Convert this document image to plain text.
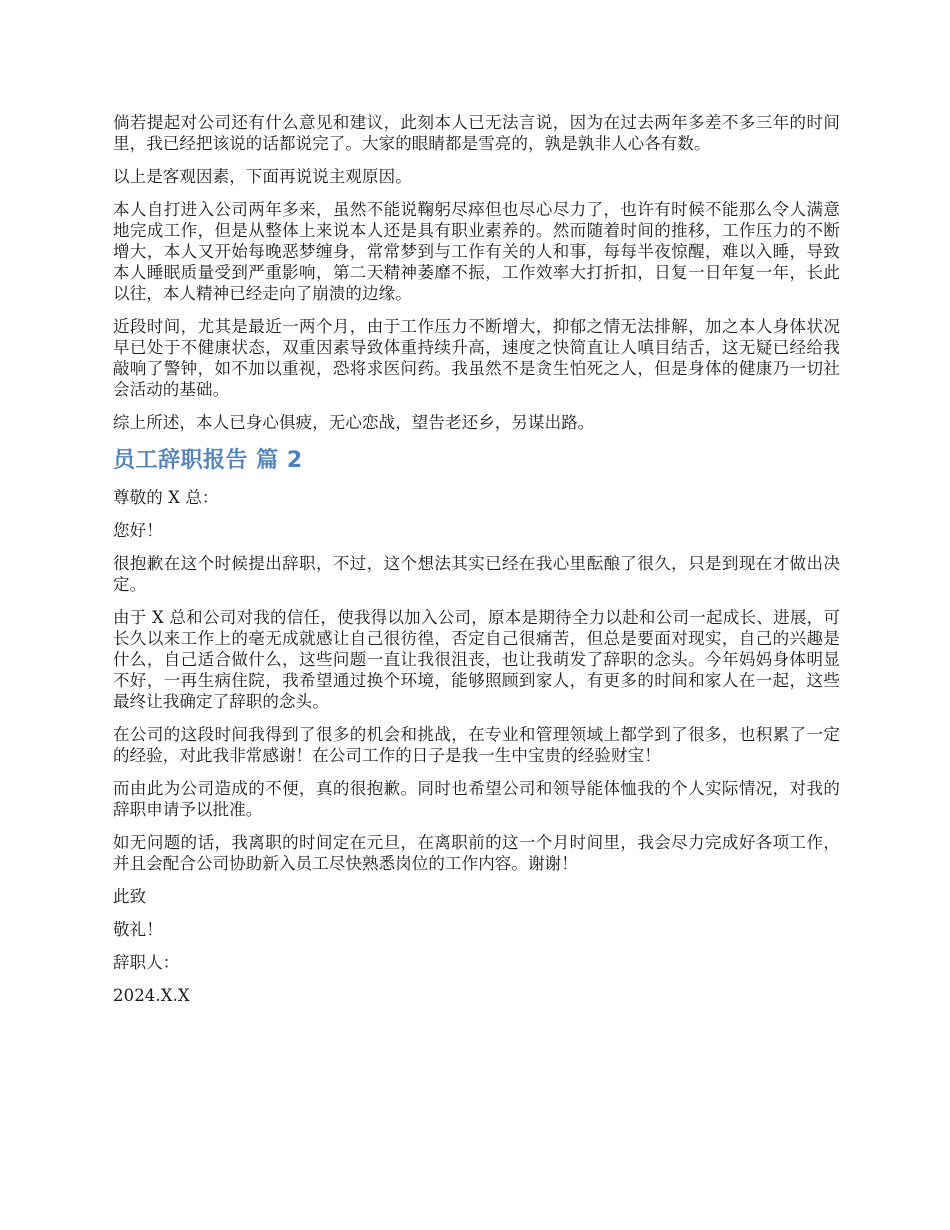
倘若提起对公司还有什么意见和建议，此刻本人已无法言说，因为在过去两年多差不多三年的时间里，我已经把该说的话都说完了。大家的眼睛都是雪亮的，孰是孰非人心各有数。

以上是客观因素，下面再说说主观原因。

本人自打进入公司两年多来，虽然不能说鞠躬尽瘁但也尽心尽力了，也许有时候不能那么令人满意地完成工作，但是从整体上来说本人还是具有职业素养的。然而随着时间的推移，工作压力的不断增大，本人又开始每晚恶梦缠身，常常梦到与工作有关的人和事，每每半夜惊醒，难以入睡，导致本人睡眠质量受到严重影响，第二天精神萎靡不振，工作效率大打折扣，日复一日年复一年，长此以往，本人精神已经走向了崩溃的边缘。

近段时间，尤其是最近一两个月，由于工作压力不断增大，抑郁之情无法排解，加之本人身体状况早已处于不健康状态，双重因素导致体重持续升高，速度之快简直让人嗔目结舌，这无疑已经给我敲响了警钟，如不加以重视，恐将求医问药。我虽然不是贪生怕死之人，但是身体的健康乃一切社会活动的基础。

综上所述，本人已身心俱疲，无心恋战，望告老还乡，另谋出路。

员工辞职报告 篇 2

尊敬的 X 总：

您好！

很抱歉在这个时候提出辞职，不过，这个想法其实已经在我心里酝酿了很久，只是到现在才做出决定。

由于 X 总和公司对我的信任，使我得以加入公司，原本是期待全力以赴和公司一起成长、进展，可长久以来工作上的毫无成就感让自己很彷徨，否定自己很痛苦，但总是要面对现实，自己的兴趣是什么，自己适合做什么，这些问题一直让我很沮丧，也让我萌发了辞职的念头。今年妈妈身体明显不好，一再生病住院，我希望通过换个环境，能够照顾到家人，有更多的时间和家人在一起，这些最终让我确定了辞职的念头。

在公司的这段时间我得到了很多的机会和挑战，在专业和管理领域上都学到了很多，也积累了一定的经验，对此我非常感谢！在公司工作的日子是我一生中宝贵的经验财宝！

而由此为公司造成的不便，真的很抱歉。同时也希望公司和领导能体恤我的个人实际情况，对我的辞职申请予以批准。

如无问题的话，我离职的时间定在元旦，在离职前的这一个月时间里，我会尽力完成好各项工作，并且会配合公司协助新入员工尽快熟悉岗位的工作内容。谢谢！

此致

敬礼！

辞职人：

2024.X.X
